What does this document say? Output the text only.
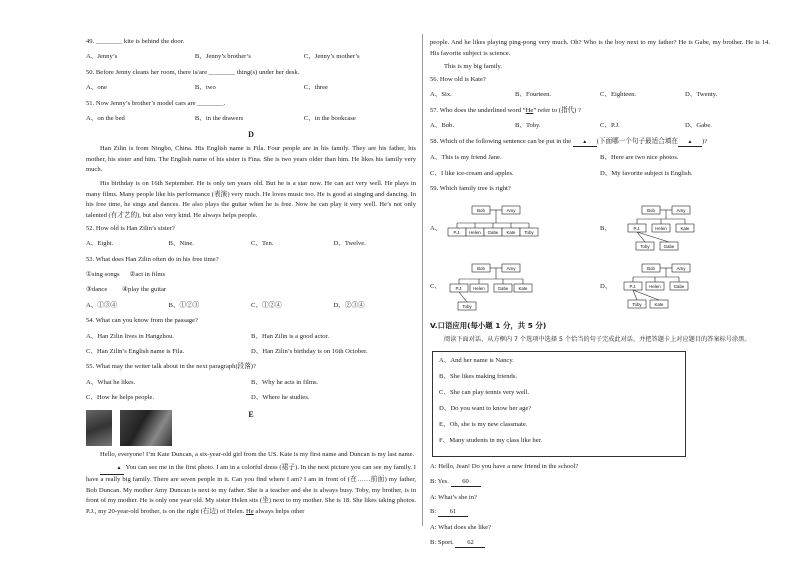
49. ________ kite is behind the door.
A、Jenny’s	B、Jenny’s brother’s	C、Jenny’s mother’s
50. Before Jenny cleans her room, there is/are ________ thing(s) under her desk.
A、one	B、two	C、three
51. Now Jenny’s brother’s model cars are ________.
A、on the bed	B、in the drawers	C、in the bookcase
D
Han Zilin is from Ningbo, China. His English name is Fila. Four people are in his family. They are his father, his mother, his sister and him. The English name of his sister is Fina. She is two years older than him. He likes his family very much.
His birthday is on 16th September. He is only ten years old. But he is a star now. He can act very well. He plays in many films. Many people like his performance (表演) very much. He loves music too. He is good at singing and dancing. In his free time, he sings and dances. He also plays the guitar when he is free. Now he can play it very well. He’s not only talented (有才艺的), but also very kind. He always helps people.
52. How old is Han Zilin’s sister?
A、Eight.	B、Nine.	C、Ten.	D、Twelve.
53. What does Han Zilin often do in his free time?
①sing songs      ②act in films
③dance         ④play the guitar
A、①③④	B、①②③	C、①②④	D、②③④
54. What can you know from the passage?
A、Han Zilin lives in Hangzhou.	B、Han Zilin is a good actor.
C、Han Zilin’s English name is Fila.	D、Han Zilin’s birthday is on 16th October.
55. What may the writer talk about in the next paragraph(段落)?
A、What he likes.	B、Why he acts in films.
C、How he helps people.	D、Where he studies.
E
Hello, everyone! I’m Kate Duncan, a six-year-old girl from the US. Kate is my first name and Duncan is my last name.
▲ You can see me in the first photo. I am in a colorful dress (裙子). In the next picture you can see my family. I have a really big family. There are seven people in it. Can you find where I am? I am in front of (在……前面) my father, Bob Duncan. My mother Amy Duncan is next to my father. She is a teacher and she is always busy. Toby, my brother, is in front of my mother. He is only one year old. My sister Helen sits (坐) next to my mother. She is 18. She likes taking photos. P.J., my 20-year-old brother, is on the right (右边) of Helen. He always helps other
people. And he likes playing ping-pong very much. Oh? Who is the boy next to my father? He is Gabe, my brother. He is 14. His favorite subject is science.
This is my big family.
56. How old is Kate?
A、Six.	B、Fourteen.	C、Eighteen.	D、Twenty.
57. Who does the underlined word “He” refer to (指代) ?
A、Bob.	B、Toby.	C、P.J.	D、Gabe.
58. Which of the following sentence can be put in the ▲ (下面哪一个句子最适合填在 ▲ )?
A、This is my friend Jane.	B、Here are two nice photos.
C、I like ice-cream and apples.	D、My favorite subject is English.
59. Which family tree is right?
A、
Bob	Amy
P.J. Helen Gabe Kate Toby
B、
Bob	Amy
P.J.	Helen	Kate
Toby	Gabe
C、
Bob	Amy
P.J. Helen	Gabe Kate
Toby
D、
Bob	Amy
P.J.	Helen	Gabe
Toby	Kate
V.口语应用(每小题 1 分，共 5 分)
阅读下面对话，从方框内 7 个选项中选择 5 个恰当的句子完成此对话，并把答题卡上对应题目的答案标号涂黑。
A、And her name is Nancy.
B、She likes making friends.
C、She can play tennis very well.
D、Do you want to know her age?
E、Oh, she is my new classmate.
F、Many students in my class like her.
A: Hello, Jean! Do you have a new friend in the school?
B: Yes. 60
A: What’s she in?
B: 61
A: What does she like?
B: Sport. 62
